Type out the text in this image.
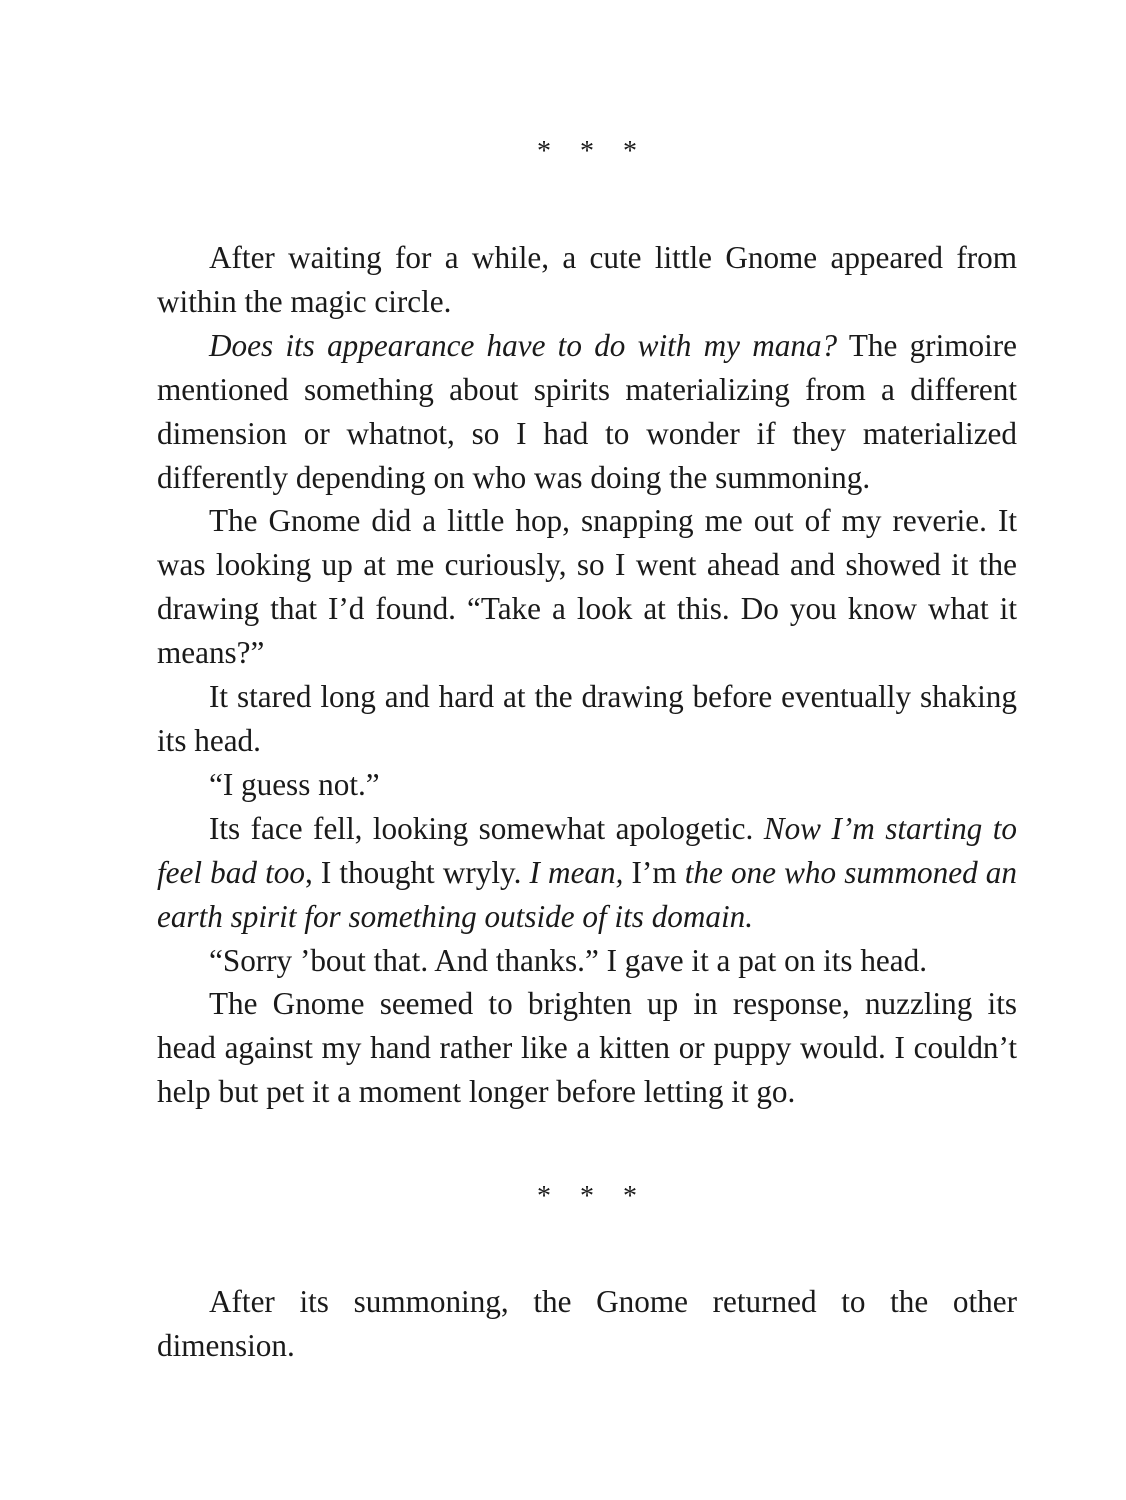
* * *

After waiting for a while, a cute little Gnome appeared from within the magic circle.

Does its appearance have to do with my mana? The grimoire mentioned something about spirits materializing from a different dimension or whatnot, so I had to wonder if they materialized differently depending on who was doing the summoning.

The Gnome did a little hop, snapping me out of my reverie. It was looking up at me curiously, so I went ahead and showed it the drawing that I’d found. “Take a look at this. Do you know what it means?”

It stared long and hard at the drawing before eventually shaking its head.

“I guess not.”

Its face fell, looking somewhat apologetic. Now I’m starting to feel bad too, I thought wryly. I mean, I’m the one who summoned an earth spirit for something outside of its domain.

“Sorry ’bout that. And thanks.” I gave it a pat on its head.

The Gnome seemed to brighten up in response, nuzzling its head against my hand rather like a kitten or puppy would. I couldn’t help but pet it a moment longer before letting it go.

* * *

After its summoning, the Gnome returned to the other dimension.
